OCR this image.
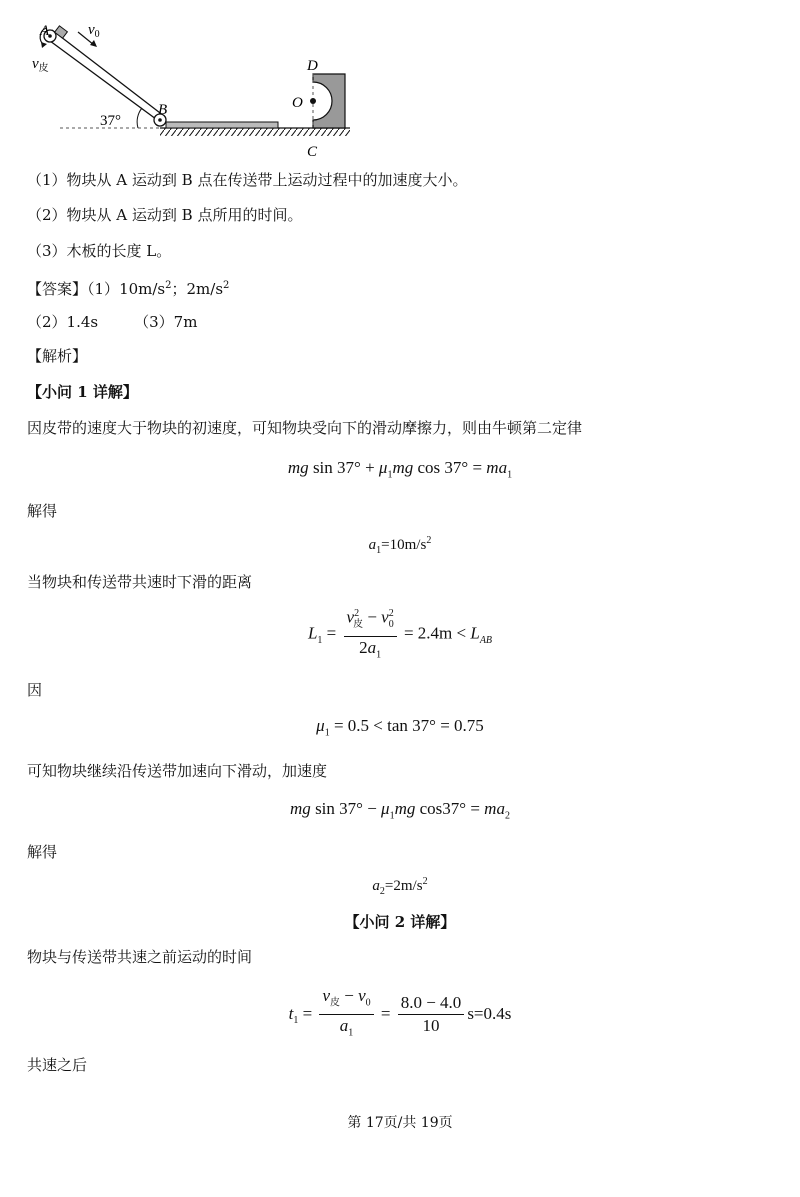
A	$v_0$
$v_皮$
37°
B
D
O
C
（1）物块从 A 运动到 B 点在传送带上运动过程中的加速度大小。
（2）物块从 A 运动到 B 点所用的时间。
（3）木板的长度 L。
【答案】$(1)10m/s^2$；$2m/s^2$
（2）1.4s （3）7m
【解析】
【小问 1 详解】
因皮带的速度大于物块的初速度，可知物块受向下的滑动摩擦力，则由牛顿第二定律
mg $\sin 37^\circ + \mu_1mg$ $\cos 37^\circ = ma_1$
解得
$a_1=10m/s^2$
当物块和传送带共速时下滑的距离
$L_1 = \frac{v^2_皮 - v^2_0}{2a_1} = 2.4m < L_{AB}$
因
$\mu_1 = 0.5 < \tan 37^\circ = 0.75$
可知物块继续沿传送带加速向下滑动，加速度
mg $\sin 37^\circ - \mu_1mg$ $\cos 37^\circ = ma_2$
解得
$a_2=2m/s^2$
【小问 2 详解】
物块与传送带共速之前运动的时间
$t_1 = \frac{v_皮 - v_0}{a_1} = \frac{8.0 - 4.0}{10} s=0.4s$
共速之后
第 17页/共 19页
